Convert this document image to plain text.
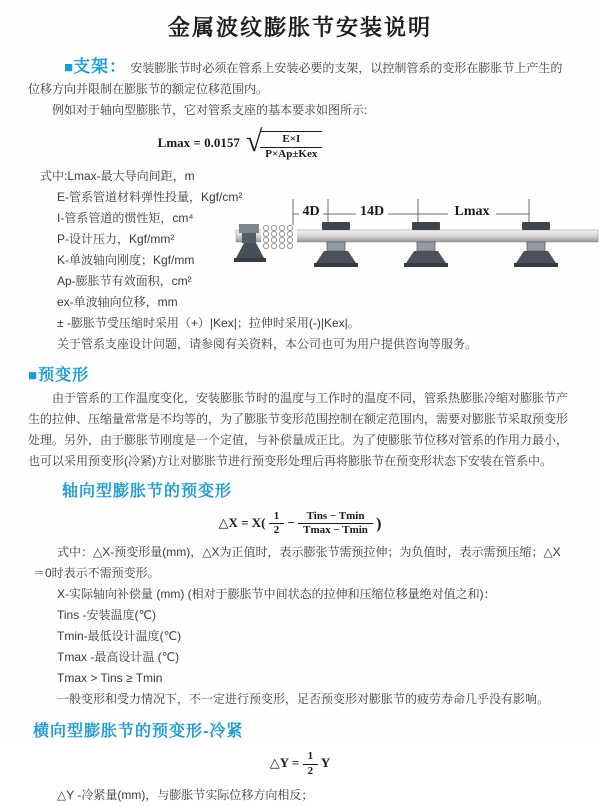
金属波纹膨胀节安装说明
■支架： 安装膨胀节时必须在管系上安装必要的支架，以控制管系的变形在膨胀节上产生的位移方向并限制在膨胀节的额定位移范围内。
例如对于轴向型膨胀节，它对管系支座的基本要求如图所示:
Lmax = 0.0157 √
$\frac{E\times I}{\text{P×Ap±Kex}}$
式中:Lmax-最大导向间距，m
E-管系管道材料弹性投量，Kgf/cm²
I-管系管道的惯性矩，cm⁴
P-设计压力，Kgf/mm²
K-单波轴向刚度；Kgf/mm
Ap-膨胀节有效面积，cm²
ex-单波轴向位移，mm
± -膨胀节受压缩时采用（+）|Kex|；拉伸时采用(-)|Kex|。
关于管系支座设计问题，请参阅有关资料，本公司也可为用户提供咨询等服务。
■预变形
由于管系的工作温度变化，安装膨胀节时的温度与工作时的温度不同，管系热膨胀冷缩对膨胀节产生的拉伸、压缩量常常是不均等的，为了膨胀节变形范围控制在额定范围内，需要对膨胀节采取预变形处理。另外，由于膨胀节刚度是一个定值，与补偿量成正比。为了使膨胀节位移对管系的作用力最小，也可以采用预变形(冷紧)方让对膨胀节进行预变形处理后再将膨胀节在预变形状态下安装在管系中。
轴向型膨胀节的预变形
△X = $X( \frac{1}{2} - \frac{\text{Tins − Tmin}}{Tmax - Tmin}$ )
式中：△X-预变形量(mm)，△X为正值时，表示膨张节需预拉伸；为负值时，表示需预压缩；△X＝0时表示不需预变形。
X-实际轴向补偿量 (mm) (相对于膨胀节中间状态的拉伸和压缩位移量绝对值之和)：
Tins -安装温度(℃)
Tmin-最低设计温度(℃)
Tmax -最高设计温 (℃)
Tmax > Tins ≥ Tmin
一般变形和受力情况下，不一定进行预变形，足否预变形对膨胀节的疲劳寿命几乎没有影响。
横向型膨胀节的预变形-冷紧
△Y = $\frac{1}{2}$ Y
△Y -冷紧量(mm)，与膨胀节实际位移方向相反；
4D	14D	Lmax
